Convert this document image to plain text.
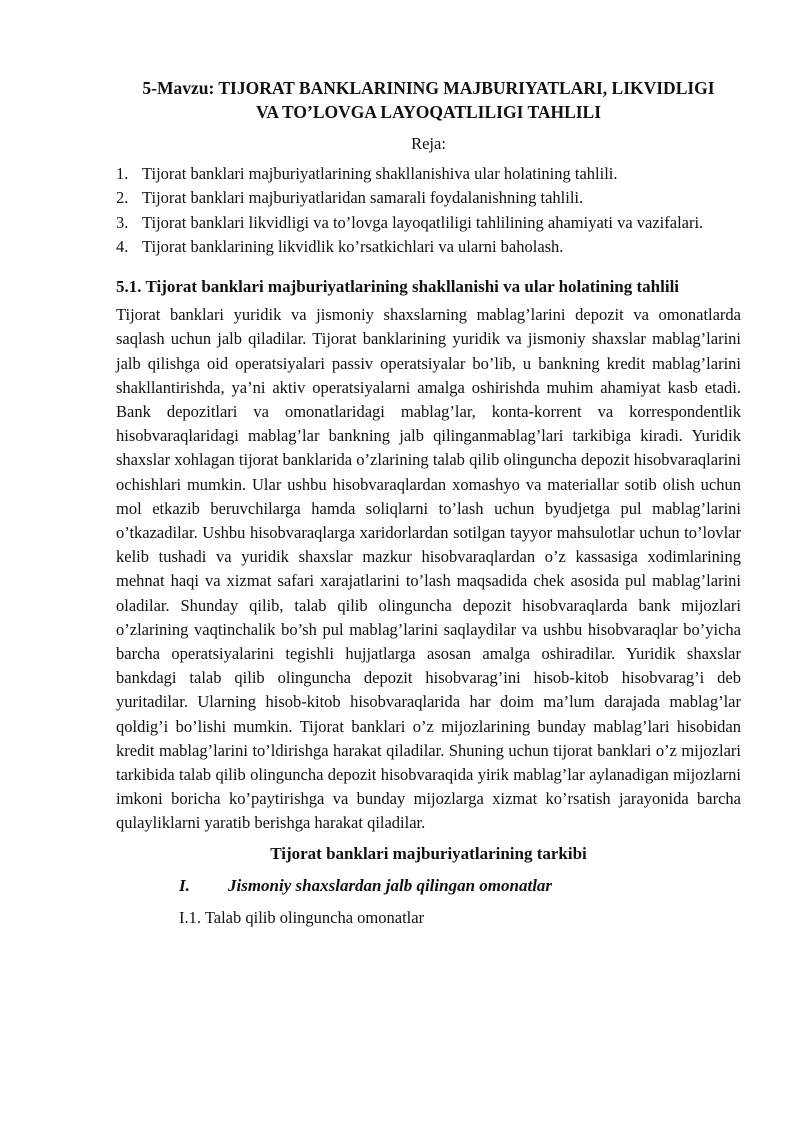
5-Mavzu: TIJORAT BANKLARINING MAJBURIYATLARI, LIKVIDLIGI
VA TO’LOVGA LAYOQATLILIGI TAHLILI
Reja:
1. Tijorat banklari majburiyatlarining shakllanishiva ular holatining tahlili.
2. Tijorat banklari majburiyatlaridan samarali foydalanishning tahlili.
3. Tijorat banklari likvidligi va to’lovga layoqatliligi tahlilining ahamiyati va vazifalari.
4. Tijorat banklarining likvidlik ko’rsatkichlari va ularni baholash.
5.1. Tijorat banklari majburiyatlarining shakllanishi va ular holatining tahlili

Tijorat banklari yuridik va jismoniy shaxslarning mablag’larini depozit va omonatlarda saqlash uchun jalb qiladilar. Tijorat banklarining yuridik va jismoniy shaxslar mablag’larini jalb qilishga oid operatsiyalari passiv operatsiyalar bo’lib, u bankning kredit mablag’larini shakllantirishda, ya’ni aktiv operatsiyalarni amalga oshirishda muhim ahamiyat kasb etadi. Bank depozitlari va omonatlaridagi mablag’lar, konta-korrent va korrespondentlik hisobvaraqlaridagi mablag’lar bankning jalb qilinganmablag’lari tarkibiga kiradi. Yuridik shaxslar xohlagan tijorat banklarida o’zlarining talab qilib olinguncha depozit hisobvaraqlarini ochishlari mumkin. Ular ushbu hisobvaraqlardan xomashyo va materiallar sotib olish uchun mol etkazib beruvchilarga hamda soliqlarni to’lash uchun byudjetga pul mablag’larini o’tkazadilar. Ushbu hisobvaraqlarga xaridorlardan sotilgan tayyor mahsulotlar uchun to’lovlar kelib tushadi va yuridik shaxslar mazkur hisobvaraqlardan o’z kassasiga xodimlarining mehnat haqi va xizmat safari xarajatlarini to’lash maqsadida chek asosida pul mablag’larini oladilar. Shunday qilib, talab qilib olinguncha depozit hisobvaraqlarda bank mijozlari o’zlarining vaqtinchalik bo’sh pul mablag’larini saqlaydilar va ushbu hisobvaraqlar bo’yicha barcha operatsiyalarini tegishli hujjatlarga asosan amalga oshiradilar. Yuridik shaxslar bankdagi talab qilib olinguncha depozit hisobvarag’ini hisob-kitob hisobvarag’i deb yuritadilar. Ularning hisob-kitob hisobvaraqlarida har doim ma’lum darajada mablag’lar qoldig’i bo’lishi mumkin. Tijorat banklari o’z mijozlarining bunday mablag’lari hisobidan kredit mablag’larini to’ldirishga harakat qiladilar. Shuning uchun tijorat banklari o’z mijozlari tarkibida talab qilib olinguncha depozit hisobvaraqida yirik mablag’lar aylanadigan mijozlarni imkoni boricha ko’paytirishga va bunday mijozlarga xizmat ko’rsatish jarayonida barcha qulayliklarni yaratib berishga harakat qiladilar.

Tijorat banklari majburiyatlarining tarkibi
I. Jismoniy shaxslardan jalb qilingan omonatlar
I.1. Talab qilib olinguncha omonatlar
